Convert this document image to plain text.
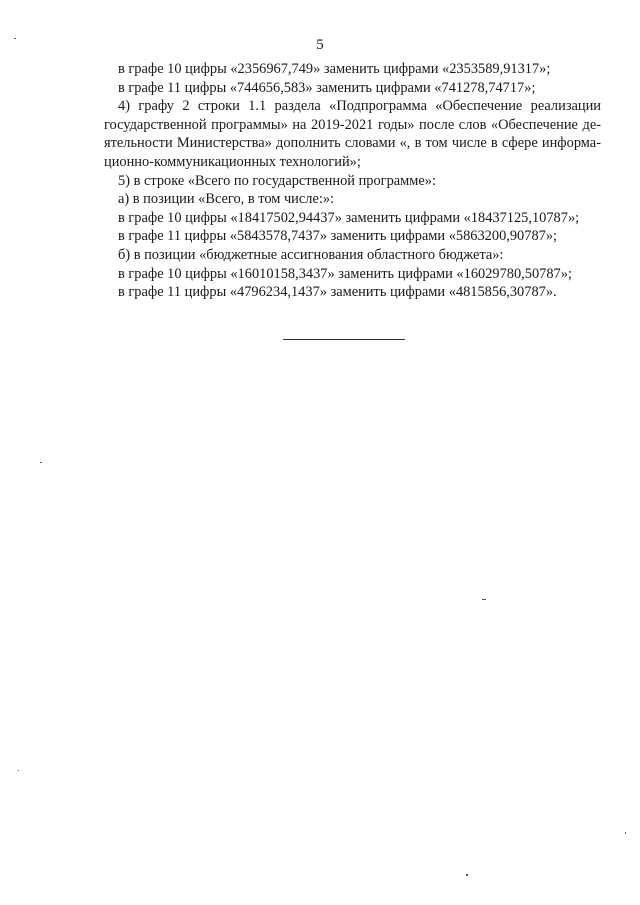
5
в графе 10 цифры «2356967,749» заменить цифрами «2353589,91317»;
в графе 11 цифры «744656,583» заменить цифрами «741278,74717»;
4) графу 2 строки 1.1 раздела «Подпрограмма «Обеспечение реализации
государственной программы» на 2019-2021 годы» после слов «Обеспечение де-
ятельности Министерства» дополнить словами «, в том числе в сфере информа-
ционно-коммуникационных технологий»;
5) в строке «Всего по государственной программе»:
а) в позиции «Всего, в том числе:»:
в графе 10 цифры «18417502,94437» заменить цифрами «18437125,10787»;
в графе 11 цифры «5843578,7437» заменить цифрами «5863200,90787»;
б) в позиции «бюджетные ассигнования областного бюджета»:
в графе 10 цифры «16010158,3437» заменить цифрами «16029780,50787»;
в графе 11 цифры «4796234,1437» заменить цифрами «4815856,30787».
